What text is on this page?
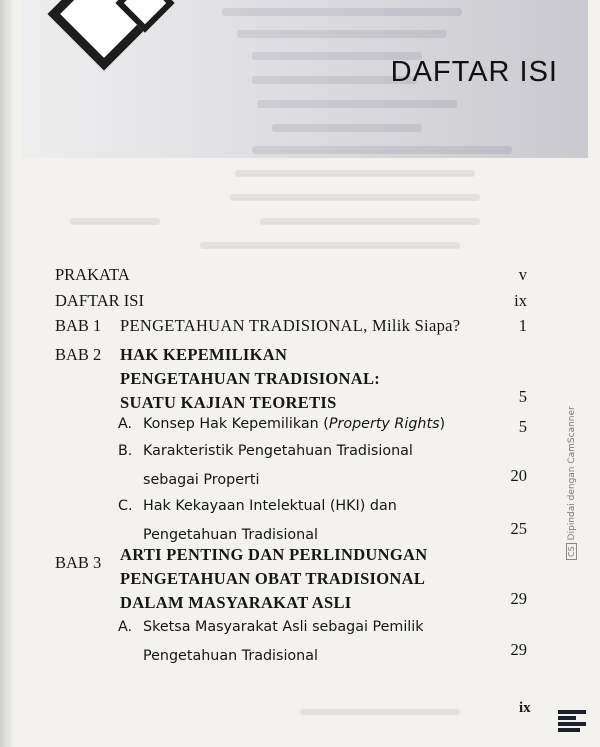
DAFTAR ISI
PRAKATA	v
DAFTAR ISI	ix
BAB 1 PENGETAHUAN TRADISIONAL, Milik Siapa?	1
BAB 2 HAK KEPEMILIKAN
PENGETAHUAN TRADISIONAL:
SUATU KAJIAN TEORETIS	5
A. Konsep Hak Kepemilikan (Property Rights)	5
B. Karakteristik Pengetahuan Tradisional
sebagai Properti	20
C. Hak Kekayaan Intelektual (HKI) dan
Pengetahuan Tradisional	25
BAB 3 ARTI PENTING DAN PERLINDUNGAN
PENGETAHUAN OBAT TRADISIONAL
DALAM MASYARAKAT ASLI	29
A. Sketsa Masyarakat Asli sebagai Pemilik
Pengetahuan Tradisional	29
ix
CSDipindai dengan CamScanner
